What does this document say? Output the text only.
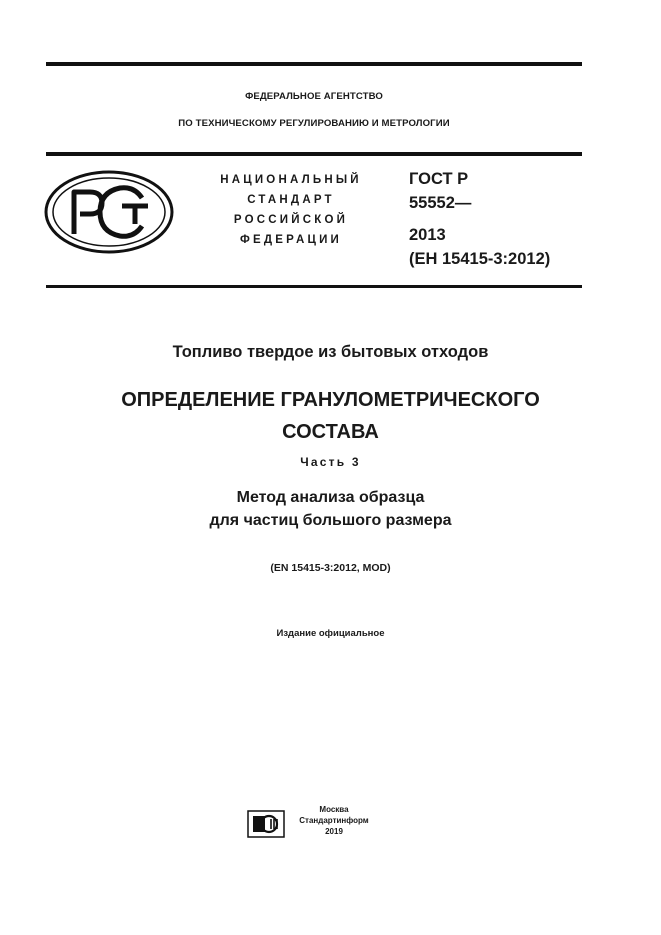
ФЕДЕРАЛЬНОЕ АГЕНТСТВО
ПО ТЕХНИЧЕСКОМУ РЕГУЛИРОВАНИЮ И МЕТРОЛОГИИ
НАЦИОНАЛЬНЫЙ
СТАНДАРТ
РОССИЙСКОЙ
ФЕДЕРАЦИИ
ГОСТ Р
55552—
2013
(ЕН 15415-3:2012)
Топливо твердое из бытовых отходов
ОПРЕДЕЛЕНИЕ ГРАНУЛОМЕТРИЧЕСКОГО СОСТАВА
Часть 3
Метод анализа образца
для частиц большого размера
(EN 15415-3:2012, MOD)
Издание официальное
Москва
Стандартинформ
2019
